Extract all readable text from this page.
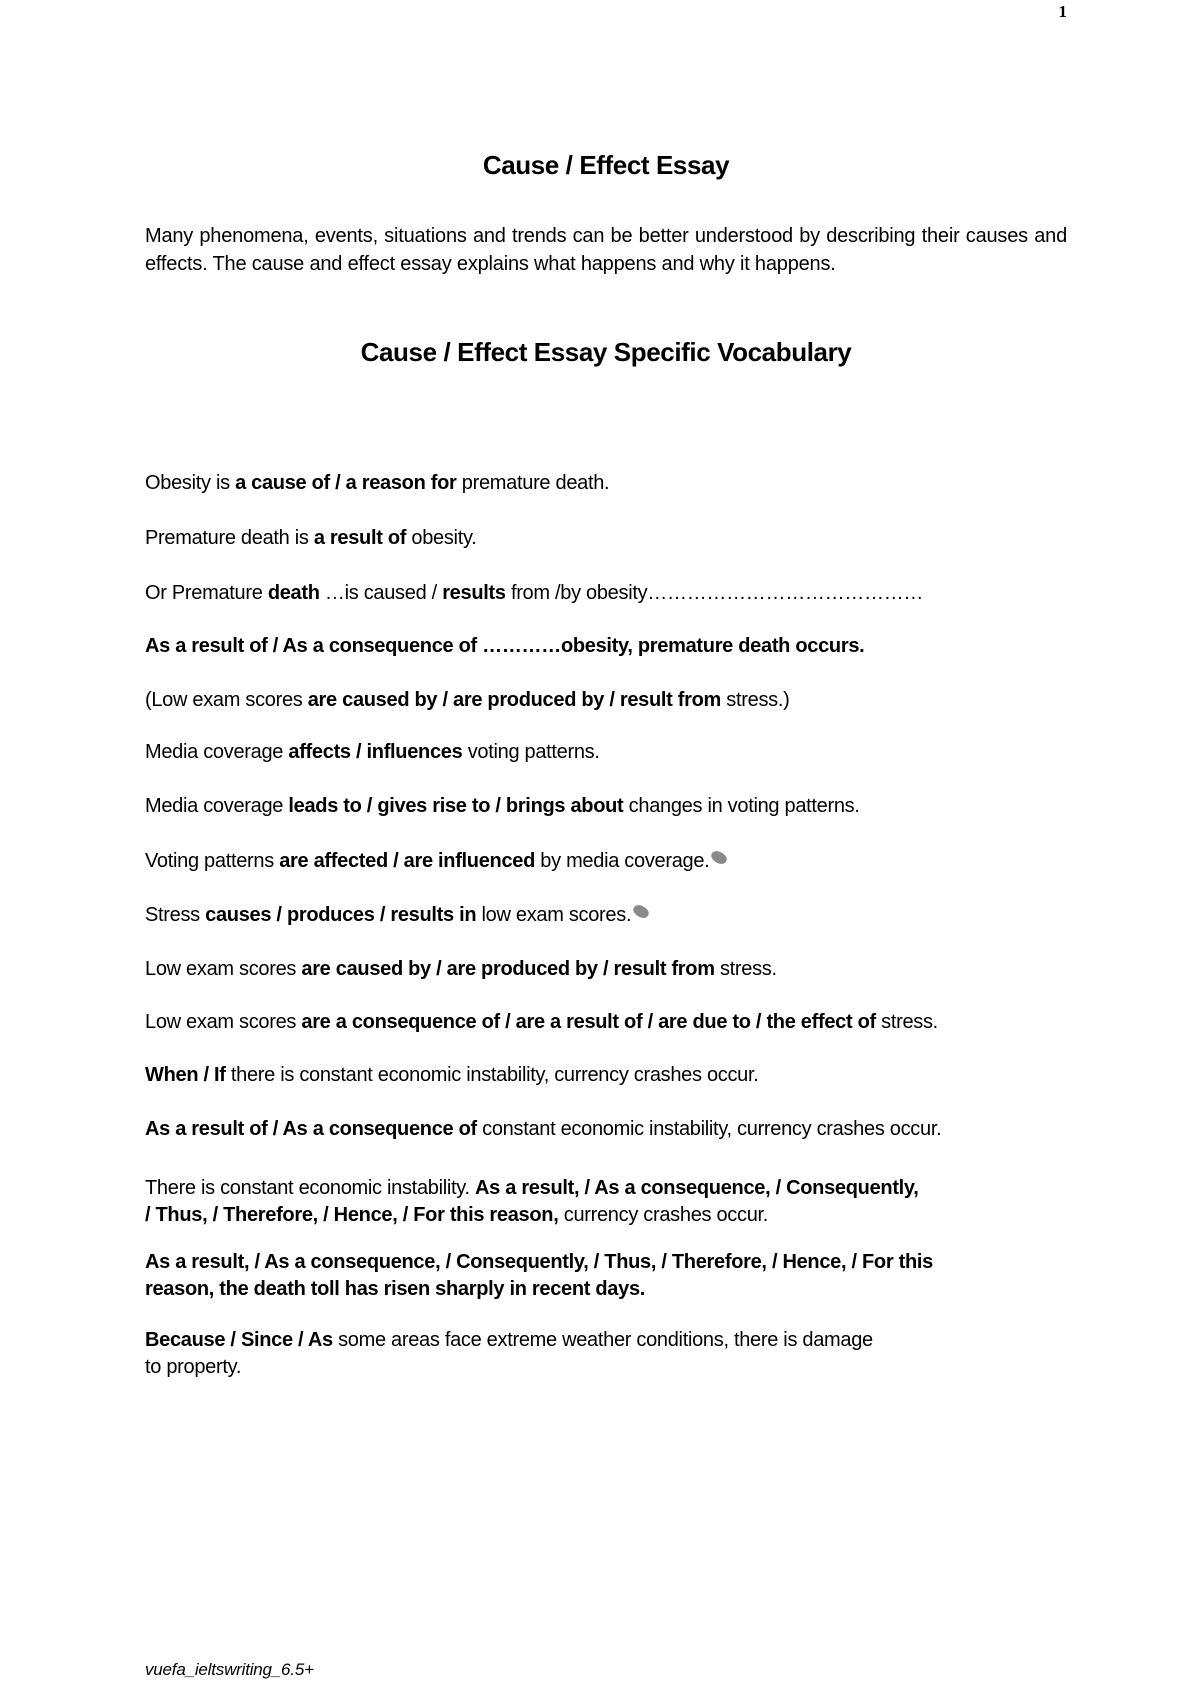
1
Cause / Effect Essay
Many phenomena, events, situations and trends can be better understood by describing their causes and effects. The cause and effect essay explains what happens and why it happens.
Cause / Effect Essay Specific Vocabulary
Obesity is a cause of / a reason for premature death.
Premature death is a result of obesity.
Or Premature death …is caused / results from /by obesity……………………………………
As a result of / As a consequence of …………obesity, premature death occurs.
(Low exam scores are caused by / are produced by / result from stress.)
Media coverage affects / influences voting patterns.
Media coverage leads to / gives rise to / brings about changes in voting patterns.
Voting patterns are affected / are influenced by media coverage.
Stress causes / produces / results in low exam scores.
Low exam scores are caused by / are produced by / result from stress.
Low exam scores are a consequence of / are a result of / are due to / the effect of stress.
When / If there is constant economic instability, currency crashes occur.
As a result of / As a consequence of constant economic instability, currency crashes occur.
There is constant economic instability. As a result, / As a consequence, / Consequently,
/ Thus, / Therefore, / Hence, / For this reason, currency crashes occur.
As a result, / As a consequence, / Consequently, / Thus, / Therefore, / Hence, / For this
reason, the death toll has risen sharply in recent days.
Because / Since / As some areas face extreme weather conditions, there is damage
to property.
vuefa_ieltswriting_6.5+
